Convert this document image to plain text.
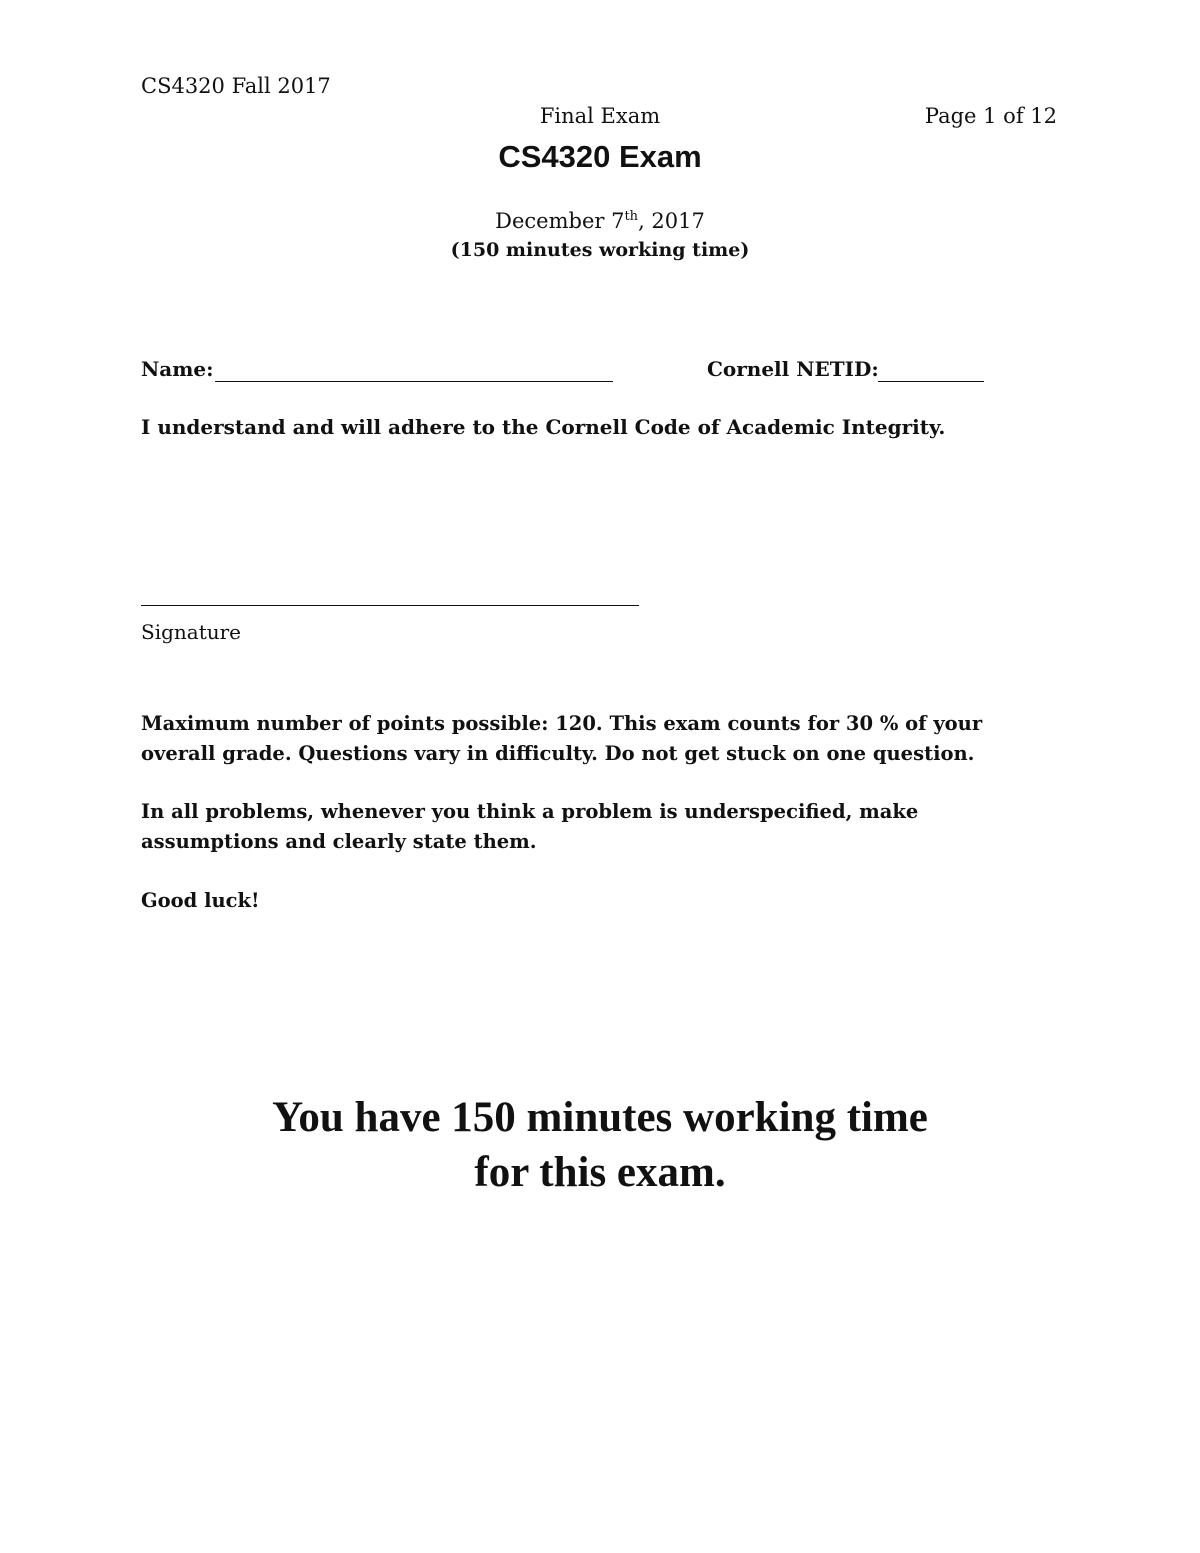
CS4320 Fall 2017
Final Exam	Page 1 of 12
CS4320 Exam
December 7th, 2017
(150 minutes working time)
Name:	Cornell NETID:
I understand and will adhere to the Cornell Code of Academic Integrity.
Signature
Maximum number of points possible: 120. This exam counts for 30 % of your overall grade. Questions vary in difficulty. Do not get stuck on one question.
In all problems, whenever you think a problem is underspecified, make assumptions and clearly state them.
Good luck!
You have 150 minutes working time
for this exam.
